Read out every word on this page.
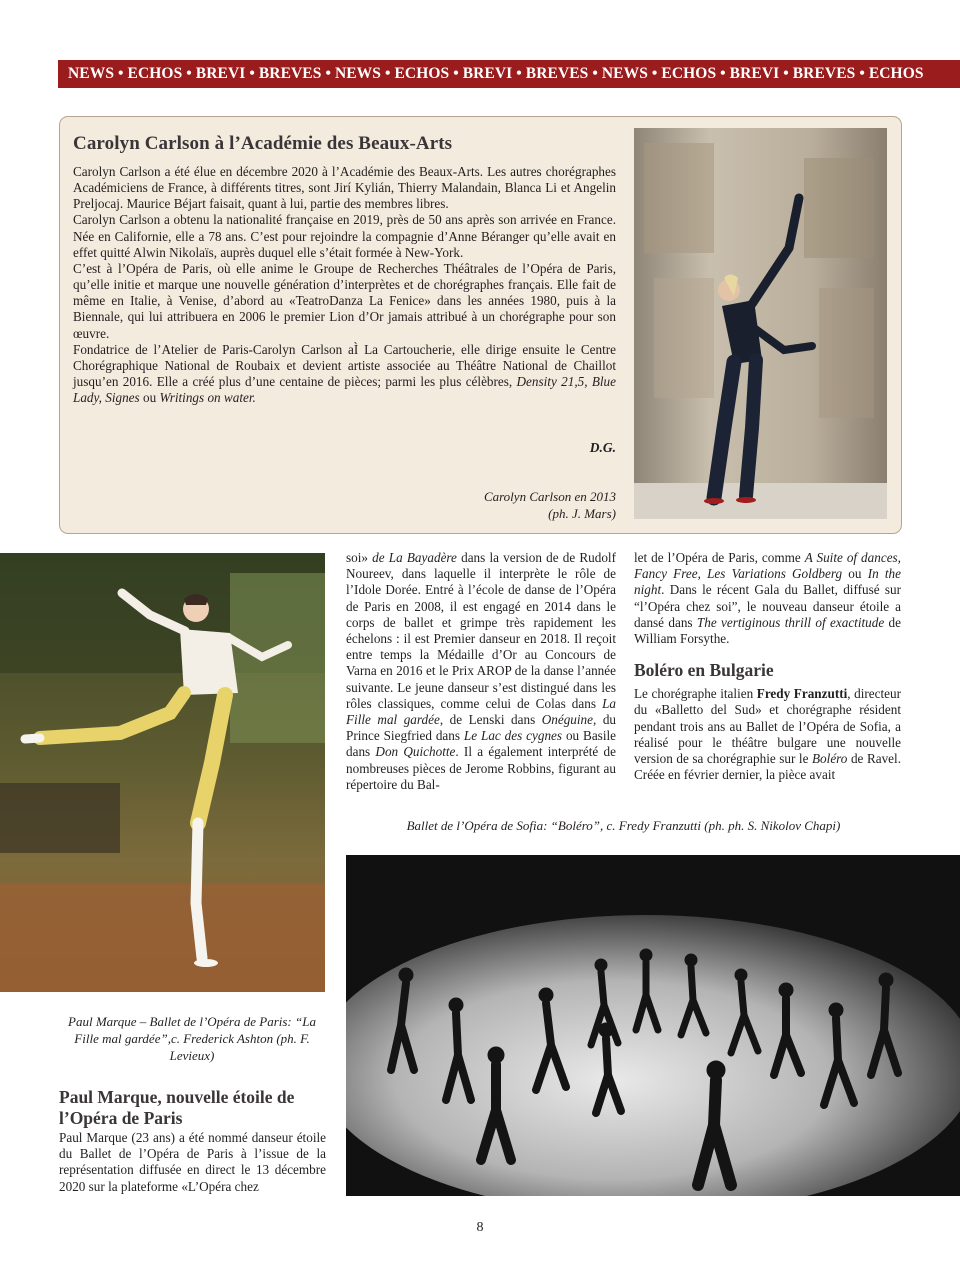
NEWS • ECHOS • BREVI • BREVES • NEWS • ECHOS • BREVI • BREVES • NEWS • ECHOS • BREVI • BREVES • ECHOS
Carolyn Carlson à l’Académie des Beaux-Arts

Carolyn Carlson a été élue en décembre 2020 à l’Académie des Beaux-Arts. Les autres chorégraphes Académiciens de France, à différents titres, sont Jirí Kylián, Thierry Malandain, Blanca Li et Angelin Preljocaj. Maurice Béjart faisait, quant à lui, partie des membres libres.

Carolyn Carlson a obtenu la nationalité française en 2019, près de 50 ans après son arrivée en France. Née en Californie, elle a 78 ans. C’est pour rejoindre la compagnie d’Anne Béranger qu’elle avait en effet quitté Alwin Nikolaïs, auprès duquel elle s’était formée à New-York.

C’est à l’Opéra de Paris, où elle anime le Groupe de Recherches Théâtrales de l’Opéra de Paris, qu’elle initie et marque une nouvelle génération d’interprètes et de chorégraphes français. Elle fait de même en Italie, à Venise, d’abord au «TeatroDanza La Fenice» dans les années 1980, puis à la Biennale, qui lui attribuera en 2006 le premier Lion d’Or jamais attribué à un chorégraphe pour son œuvre.

Fondatrice de l’Atelier de Paris-Carolyn Carlson aÌ La Cartoucherie, elle dirige ensuite le Centre Chorégraphique National de Roubaix et devient artiste associée au Théâtre National de Chaillot jusqu’en 2016. Elle a créé plus d’une centaine de pièces; parmi les plus célèbres, Density 21,5, Blue Lady, Signes ou Writings on water.

D.G.
Carolyn Carlson en 2013 (ph. J. Mars)
soi» de La Bayadère dans la version de de Rudolf Noureev, dans laquelle il interprète le rôle de l’Idole Dorée. Entré à l’école de danse de l’Opéra de Paris en 2008, il est engagé en 2014 dans le corps de ballet et grimpe très rapidement les échelons : il est Premier danseur en 2018. Il reçoit entre temps la Médaille d’Or au Concours de Varna en 2016 et le Prix AROP de la danse l’année suivante. Le jeune danseur s’est distingué dans les rôles classiques, comme celui de Colas dans La Fille mal gardée, de Lenski dans Onéguine, du Prince Siegfried dans Le Lac des cygnes ou Basile dans Don Quichotte. Il a également interprété de nombreuses pièces de Jerome Robbins, figurant au répertoire du Bal-
let de l’Opéra de Paris, comme A Suite of dances, Fancy Free, Les Variations Goldberg ou In the night. Dans le récent Gala du Ballet, diffusé sur “l’Opéra chez soi”, le nouveau danseur étoile a dansé dans The vertiginous thrill of exactitude de William Forsythe.
Boléro en Bulgarie
Le chorégraphe italien Fredy Franzutti, directeur du «Balletto del Sud» et chorégraphe résident pendant trois ans au Ballet de l’Opéra de Sofia, a réalisé pour le théâtre bulgare une nouvelle version de sa chorégraphie sur le Boléro de Ravel. Créée en février dernier, la pièce avait
Ballet de l’Opéra de Sofia: “Boléro”, c. Fredy Franzutti (ph. ph. S. Nikolov Chapi)
Paul Marque – Ballet de l’Opéra de Paris: “La Fille mal gardée”,c. Frederick Ashton (ph. F. Levieux)
Paul Marque, nouvelle étoile de l’Opéra de Paris
Paul Marque (23 ans) a été nommé danseur étoile du Ballet de l’Opéra de Paris à l’issue de la représentation diffusée en direct le 13 décembre 2020 sur la plateforme «L’Opéra chez
8
